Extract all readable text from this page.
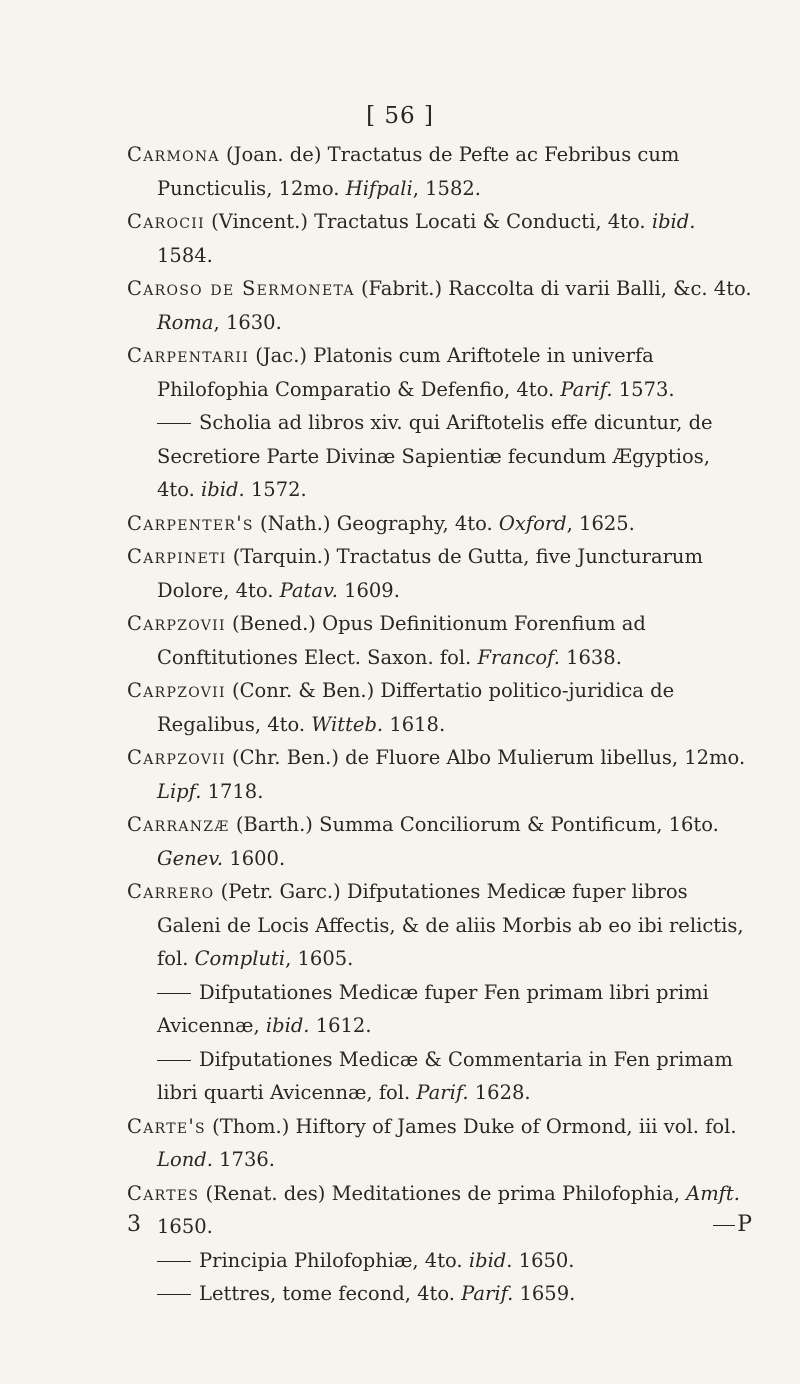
[ 56 ]

Carmona (Joan. de) Tractatus de Pefte ac Febribus cum Puncticulis, 12mo. Hifpali, 1582.

Carocii (Vincent.) Tractatus Locati & Conducti, 4to. ibid. 1584.

Caroso de Sermoneta (Fabrit.) Raccolta di varii Balli, &c. 4to. Roma, 1630.

Carpentarii (Jac.) Platonis cum Ariftotele in univerfa Philofophia Comparatio & Defenfio, 4to. Parif. 1573.

Scholia ad libros xiv. qui Ariftotelis effe dicuntur, de Secretiore Parte Divinæ Sapientiæ fecundum Ægyptios, 4to. ibid. 1572.

Carpenter's (Nath.) Geography, 4to. Oxford, 1625.

Carpineti (Tarquin.) Tractatus de Gutta, five Juncturarum Dolore, 4to. Patav. 1609.

Carpzovii (Bened.) Opus Definitionum Forenfium ad Conftitutiones Elect. Saxon. fol. Francof. 1638.

Carpzovii (Conr. & Ben.) Differtatio politico-juridica de Regalibus, 4to. Witteb. 1618.

Carpzovii (Chr. Ben.) de Fluore Albo Mulierum libellus, 12mo. Lipf. 1718.

Carranzæ (Barth.) Summa Conciliorum & Pontificum, 16to. Genev. 1600.

Carrero (Petr. Garc.) Difputationes Medicæ fuper libros Galeni de Locis Affectis, & de aliis Morbis ab eo ibi relictis, fol. Compluti, 1605.

Difputationes Medicæ fuper Fen primam libri primi Avicennæ, ibid. 1612.

Difputationes Medicæ & Commentaria in Fen primam libri quarti Avicennæ, fol. Parif. 1628.

Carte's (Thom.) Hiftory of James Duke of Ormond, iii vol. fol. Lond. 1736.

Cartes (Renat. des) Meditationes de prima Philofophia, Amft. 1650.

Principia Philofophiæ, 4to. ibid. 1650.

Lettres, tome fecond, 4to. Parif. 1659.

3	P
